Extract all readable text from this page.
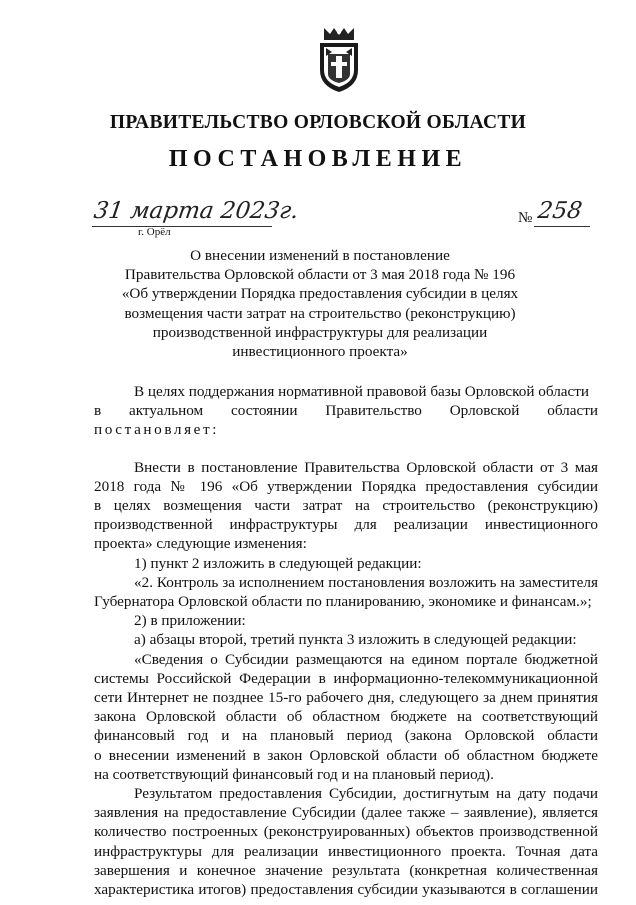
ПРАВИТЕЛЬСТВО ОРЛОВСКОЙ ОБЛАСТИ
ПОСТАНОВЛЕНИЕ
31 марта 2023г.
г. Орёл
№ 258
О внесении изменений в постановление
Правительства Орловской области от 3 мая 2018 года № 196
«Об утверждении Порядка предоставления субсидии в целях
возмещения части затрат на строительство (реконструкцию)
производственной инфраструктуры для реализации
инвестиционного проекта»
В целях поддержания нормативной правовой базы Орловской области
в актуальном состоянии Правительство Орловской области
постановляет:
Внести в постановление Правительства Орловской области от 3 мая
2018 года № 196 «Об утверждении Порядка предоставления субсидии
в целях возмещения части затрат на строительство (реконструкцию)
производственной инфраструктуры для реализации инвестиционного
проекта» следующие изменения:
1) пункт 2 изложить в следующей редакции:
«2. Контроль за исполнением постановления возложить на заместителя
Губернатора Орловской области по планированию, экономике и финансам.»;
2) в приложении:
а) абзацы второй, третий пункта 3 изложить в следующей редакции:
«Сведения о Субсидии размещаются на едином портале бюджетной
системы Российской Федерации в информационно-телекоммуникационной
сети Интернет не позднее 15-го рабочего дня, следующего за днем принятия
закона Орловской области об областном бюджете на соответствующий
финансовый год и на плановый период (закона Орловской области
о внесении изменений в закон Орловской области об областном бюджете
на соответствующий финансовый год и на плановый период).
Результатом предоставления Субсидии, достигнутым на дату подачи
заявления на предоставление Субсидии (далее также – заявление), является
количество построенных (реконструированных) объектов производственной
инфраструктуры для реализации инвестиционного проекта. Точная дата
завершения и конечное значение результата (конкретная количественная
характеристика итогов) предоставления субсидии указываются в соглашении
